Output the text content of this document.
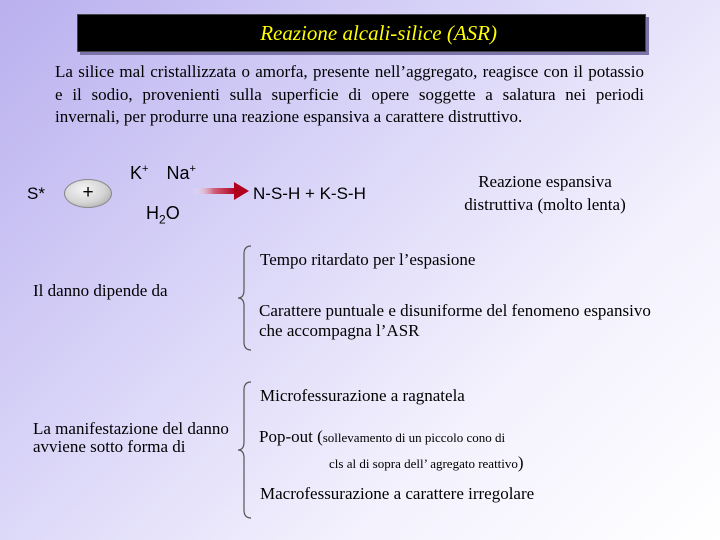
Reazione alcali-silice (ASR)
La silice mal cristallizzata o amorfa, presente nell’aggregato, reagisce con il potassio e il sodio, provenienti sulla superficie di opere soggette a salatura nei periodi invernali, per produrre una reazione espansiva a carattere distruttivo.
S*	+
K+ Na+
$H_2O$
→ N-S-H + K-S-H
Reazione espansiva
distruttiva (molto lenta)
Il danno dipende da
Tempo ritardato per l’espasione
Carattere puntuale e disuniforme del fenomeno espansivo che accompagna l’ASR
La manifestazione del danno avviene sotto forma di
Microfessurazione a ragnatela
Pop-out (sollevamento di un piccolo cono di
cls al di sopra dell’ agregato reattivo)
Macrofessurazione a carattere irregolare
